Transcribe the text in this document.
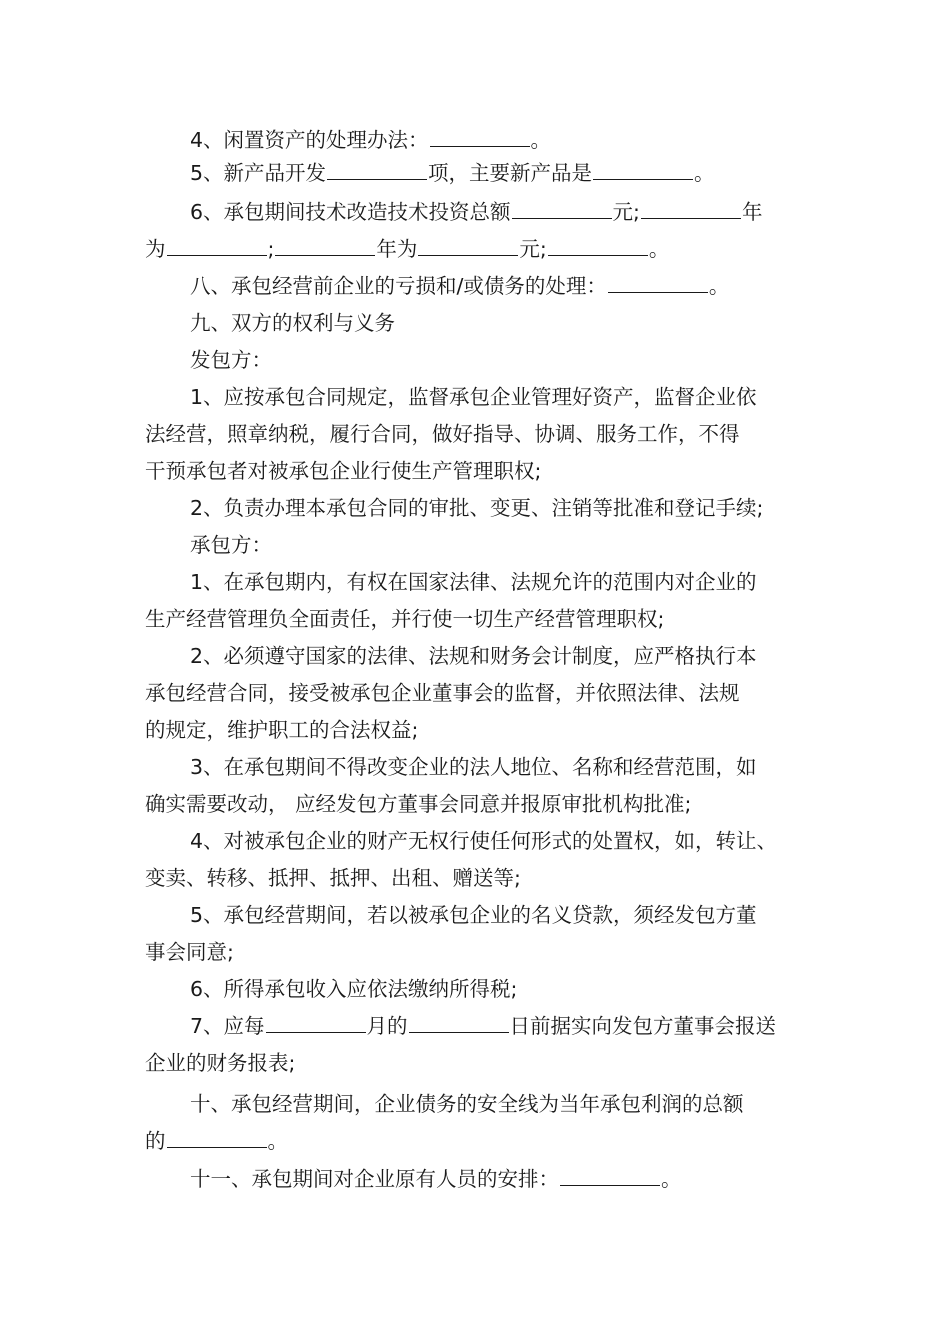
4、闲置资产的处理办法：	。
5、新产品开发	项，主要新产品是	。
6、承包期间技术改造技术投资总额	元;	年
为	;	年为	元;	。
八、承包经营前企业的亏损和/或债务的处理：	。
九、双方的权利与义务
发包方：
1、应按承包合同规定，监督承包企业管理好资产，监督企业依
法经营，照章纳税，履行合同，做好指导、协调、服务工作，不得
干预承包者对被承包企业行使生产管理职权;
2、负责办理本承包合同的审批、变更、注销等批准和登记手续;
承包方：
1、在承包期内，有权在国家法律、法规允许的范围内对企业的
生产经营管理负全面责任，并行使一切生产经营管理职权;
2、必须遵守国家的法律、法规和财务会计制度，应严格执行本
承包经营合同，接受被承包企业董事会的监督，并依照法律、法规
的规定，维护职工的合法权益;
3、在承包期间不得改变企业的法人地位、名称和经营范围，如
确实需要改动， 应经发包方董事会同意并报原审批机构批准;
4、对被承包企业的财产无权行使任何形式的处置权，如，转让、
变卖、转移、抵押、抵押、出租、赠送等;
5、承包经营期间，若以被承包企业的名义贷款，须经发包方董
事会同意;
6、所得承包收入应依法缴纳所得税;
7、应每	月的	日前据实向发包方董事会报送
企业的财务报表;
十、承包经营期间，企业债务的安全线为当年承包利润的总额
的	。
十一、承包期间对企业原有人员的安排：	。
